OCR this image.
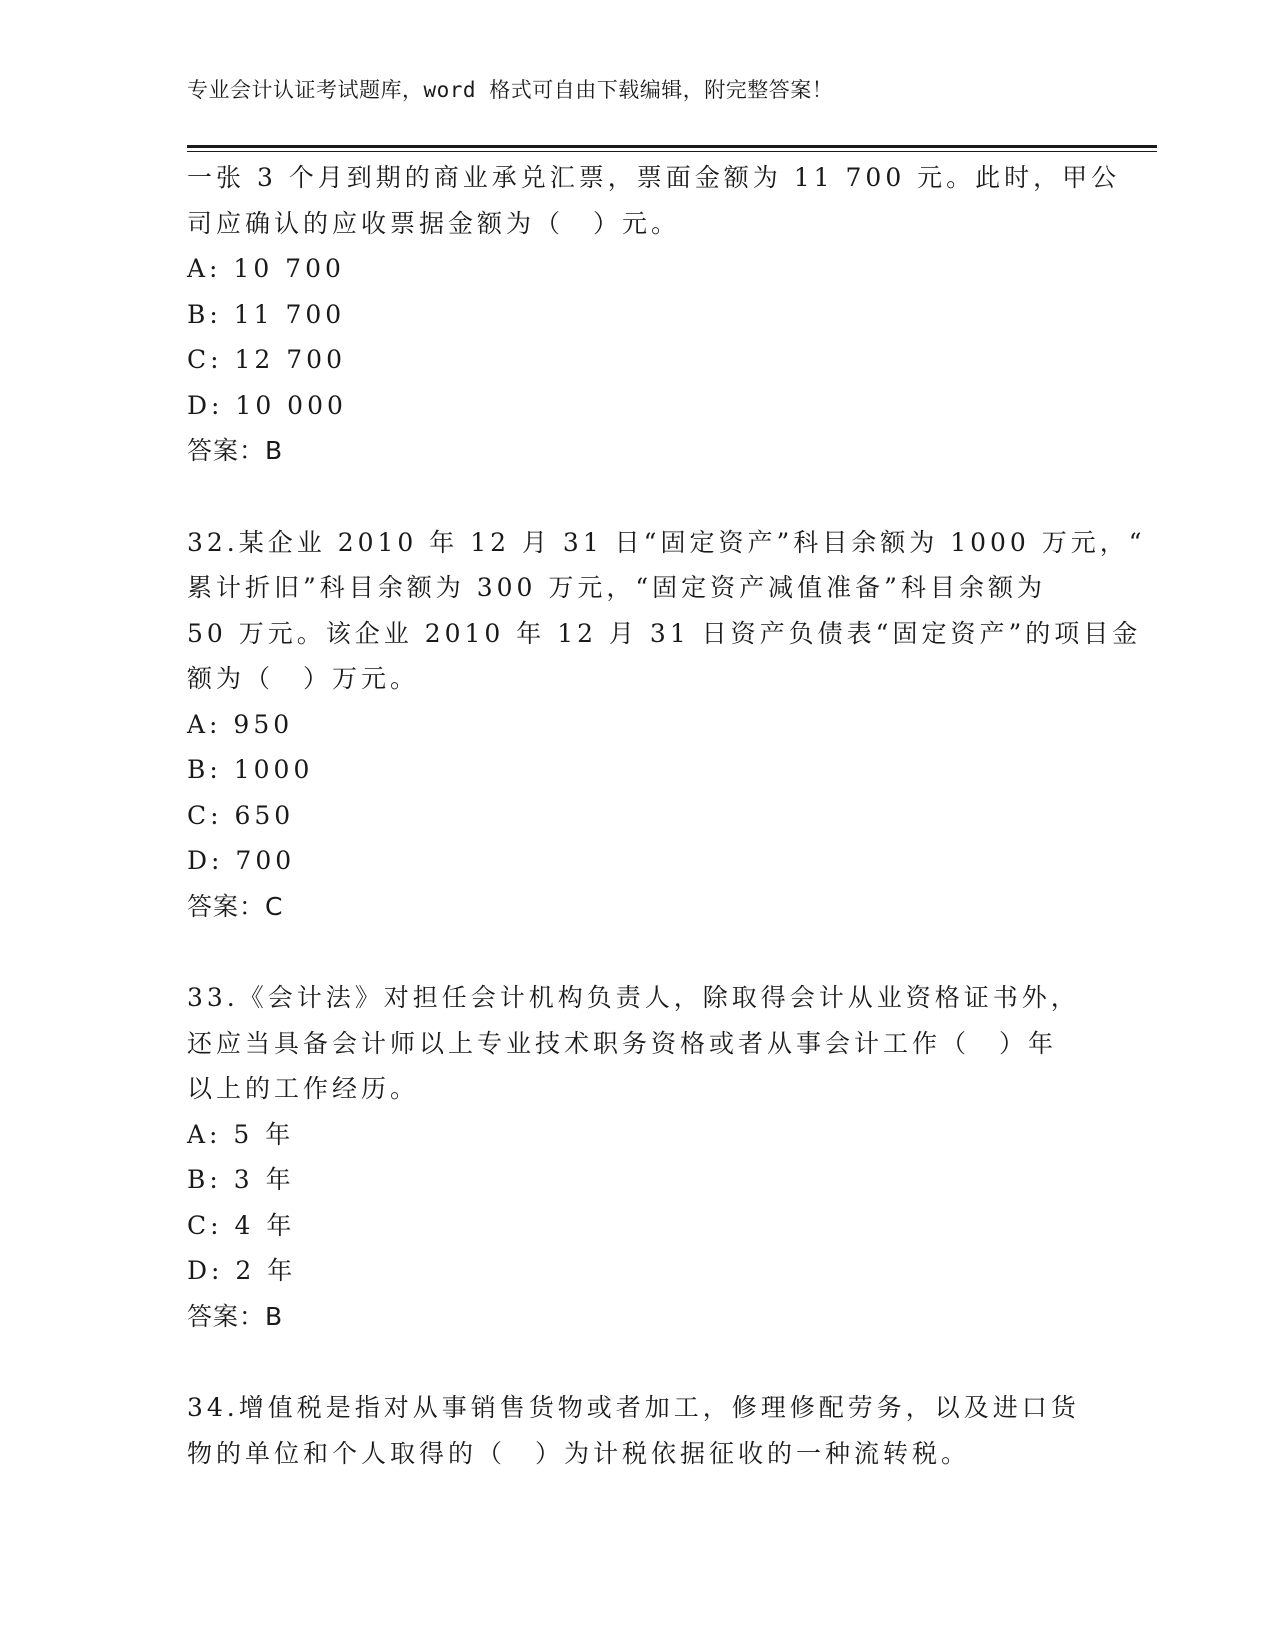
专业会计认证考试题库，word 格式可自由下载编辑，附完整答案！
一张 3 个月到期的商业承兑汇票，票面金额为 11 700 元。此时，甲公
司应确认的应收票据金额为（　）元。
A: 10 700
B: 11 700
C: 12 700
D: 10 000
答案：B
32.某企业 2010 年 12 月 31 日“固定资产”科目余额为 1000 万元，“
累计折旧”科目余额为 300 万元，“固定资产减值准备”科目余额为
50 万元。该企业 2010 年 12 月 31 日资产负债表“固定资产”的项目金
额为（　）万元。
A: 950
B: 1000
C: 650
D: 700
答案：C
33.《会计法》对担任会计机构负责人，除取得会计从业资格证书外，
还应当具备会计师以上专业技术职务资格或者从事会计工作（　）年
以上的工作经历。
A: 5 年
B: 3 年
C: 4 年
D: 2 年
答案：B
34.增值税是指对从事销售货物或者加工，修理修配劳务，以及进口货
物的单位和个人取得的（　）为计税依据征收的一种流转税。
